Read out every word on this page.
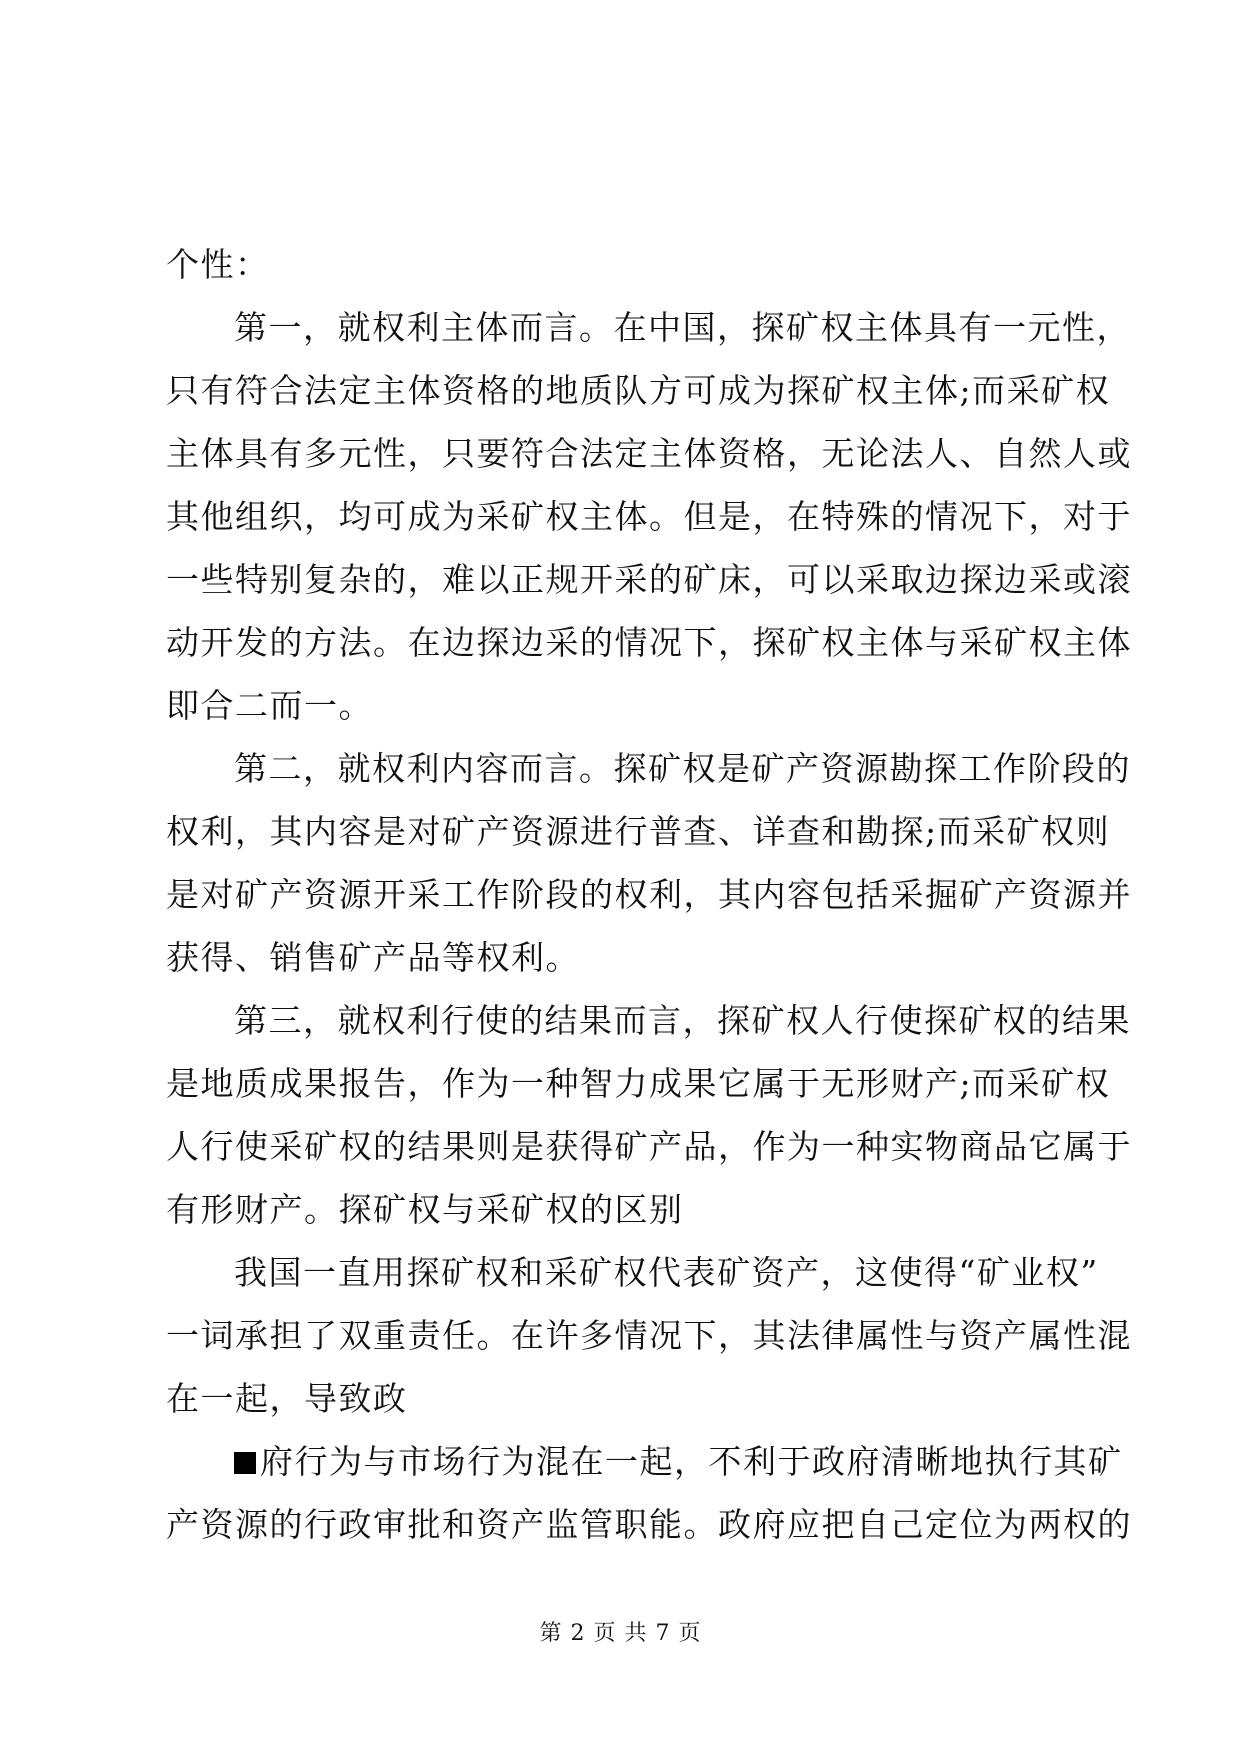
个性：
第一，就权利主体而言。在中国，探矿权主体具有一元性，
只有符合法定主体资格的地质队方可成为探矿权主体;而采矿权
主体具有多元性，只要符合法定主体资格，无论法人、自然人或
其他组织，均可成为采矿权主体。但是，在特殊的情况下，对于
一些特别复杂的，难以正规开采的矿床，可以采取边探边采或滚
动开发的方法。在边探边采的情况下，探矿权主体与采矿权主体
即合二而一。
第二，就权利内容而言。探矿权是矿产资源勘探工作阶段的
权利，其内容是对矿产资源进行普查、详查和勘探;而采矿权则
是对矿产资源开采工作阶段的权利，其内容包括采掘矿产资源并
获得、销售矿产品等权利。
第三，就权利行使的结果而言，探矿权人行使探矿权的结果
是地质成果报告，作为一种智力成果它属于无形财产;而采矿权
人行使采矿权的结果则是获得矿产品，作为一种实物商品它属于
有形财产。探矿权与采矿权的区别
我国一直用探矿权和采矿权代表矿资产，这使得“矿业权”
一词承担了双重责任。在许多情况下，其法律属性与资产属性混
在一起，导致政
府行为与市场行为混在一起，不利于政府清晰地执行其矿
产资源的行政审批和资产监管职能。政府应把自己定位为两权的
第 2 页 共 7 页
